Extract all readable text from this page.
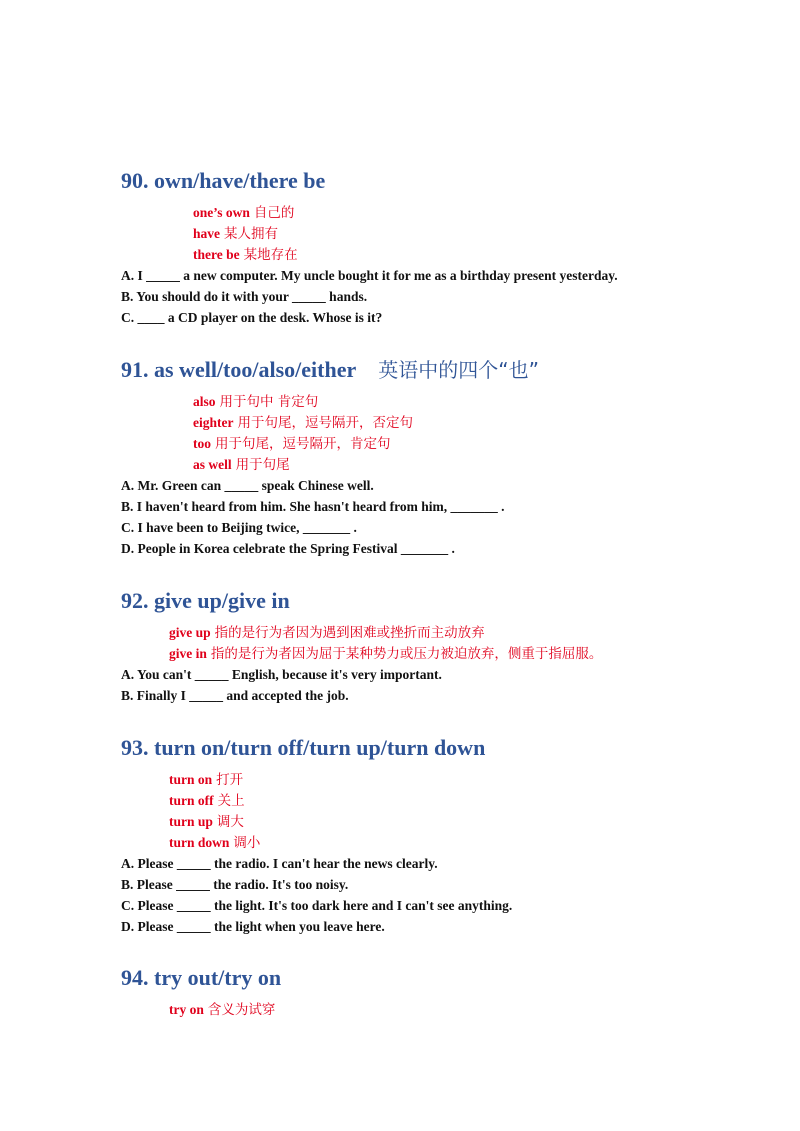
90. own/have/there be
one’s own 自己的
have 某人拥有
there be 某地存在
A. I _____ a new computer. My uncle bought it for me as a birthday present yesterday.
B. You should do it with your _____ hands.
C. ____ a CD player on the desk. Whose is it?
91. as well/too/also/either 英语中的四个“也”
also 用于句中 肯定句
eighter 用于句尾，逗号隔开，否定句
too 用于句尾，逗号隔开，肯定句
as well 用于句尾
A. Mr. Green can _____ speak Chinese well.
B. I haven't heard from him. She hasn't heard from him, _______ .
C. I have been to Beijing twice, _______ .
D. People in Korea celebrate the Spring Festival _______ .
92. give up/give in
give up 指的是行为者因为遇到困难或挫折而主动放弃
give in 指的是行为者因为屈于某种势力或压力被迫放弃，侧重于指屈服。
A. You can't _____ English, because it's very important.
B. Finally I _____ and accepted the job.
93. turn on/turn off/turn up/turn down
turn on 打开
turn off 关上
turn up 调大
turn down 调小
A. Please _____ the radio. I can't hear the news clearly.
B. Please _____ the radio. It's too noisy.
C. Please _____ the light. It's too dark here and I can't see anything.
D. Please _____ the light when you leave here.
94. try out/try on
try on 含义为试穿
